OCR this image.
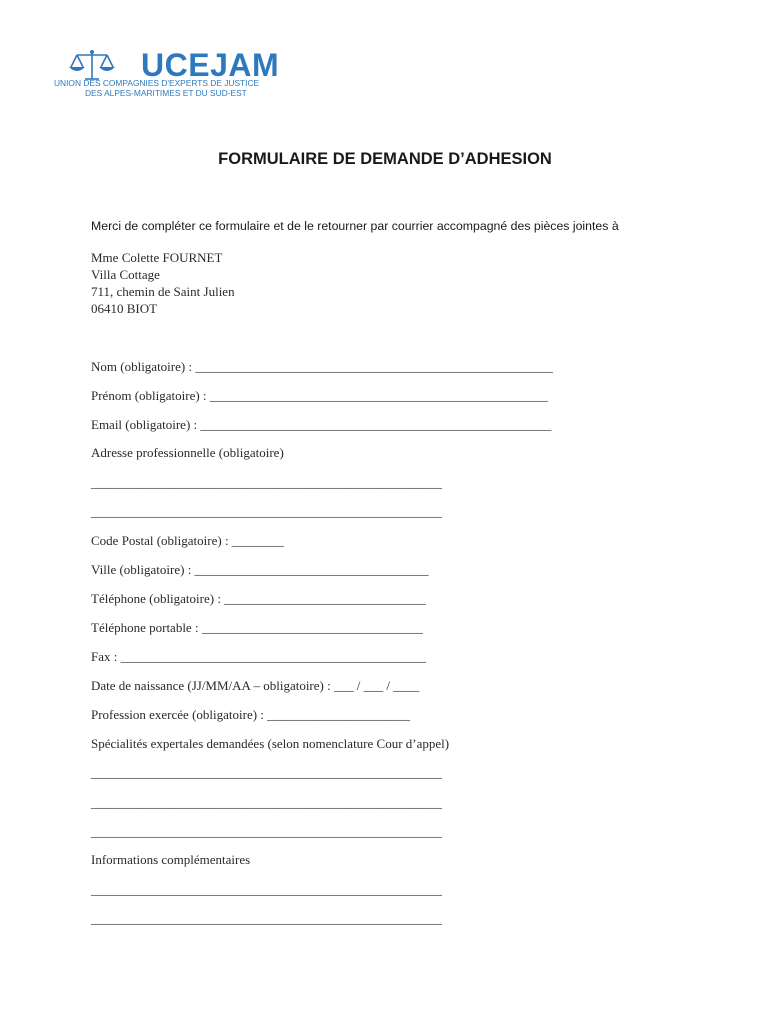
UCEJAM
UNION DES COMPAGNIES D'EXPERTS DE JUSTICE
DES ALPES-MARITIMES ET DU SUD-EST
FORMULAIRE DE DEMANDE D’ADHESION
Merci de compléter ce formulaire et de le retourner par courrier accompagné des pièces jointes à
Mme Colette FOURNET
Villa Cottage
711, chemin de Saint Julien
06410 BIOT
Nom (obligatoire) : _______________________________________________________
Prénom (obligatoire) : ____________________________________________________
Email (obligatoire) : ______________________________________________________
Adresse professionnelle (obligatoire)
______________________________________________________
______________________________________________________
Code Postal (obligatoire) : ________
Ville (obligatoire) : ____________________________________
Téléphone (obligatoire) : _______________________________
Téléphone portable : __________________________________
Fax : _______________________________________________
Date de naissance (JJ/MM/AA – obligatoire) : ___ / ___ / ____
Profession exercée (obligatoire) : ______________________
Spécialités expertales demandées (selon nomenclature Cour d’appel)
______________________________________________________
______________________________________________________
______________________________________________________
Informations complémentaires
______________________________________________________
______________________________________________________
